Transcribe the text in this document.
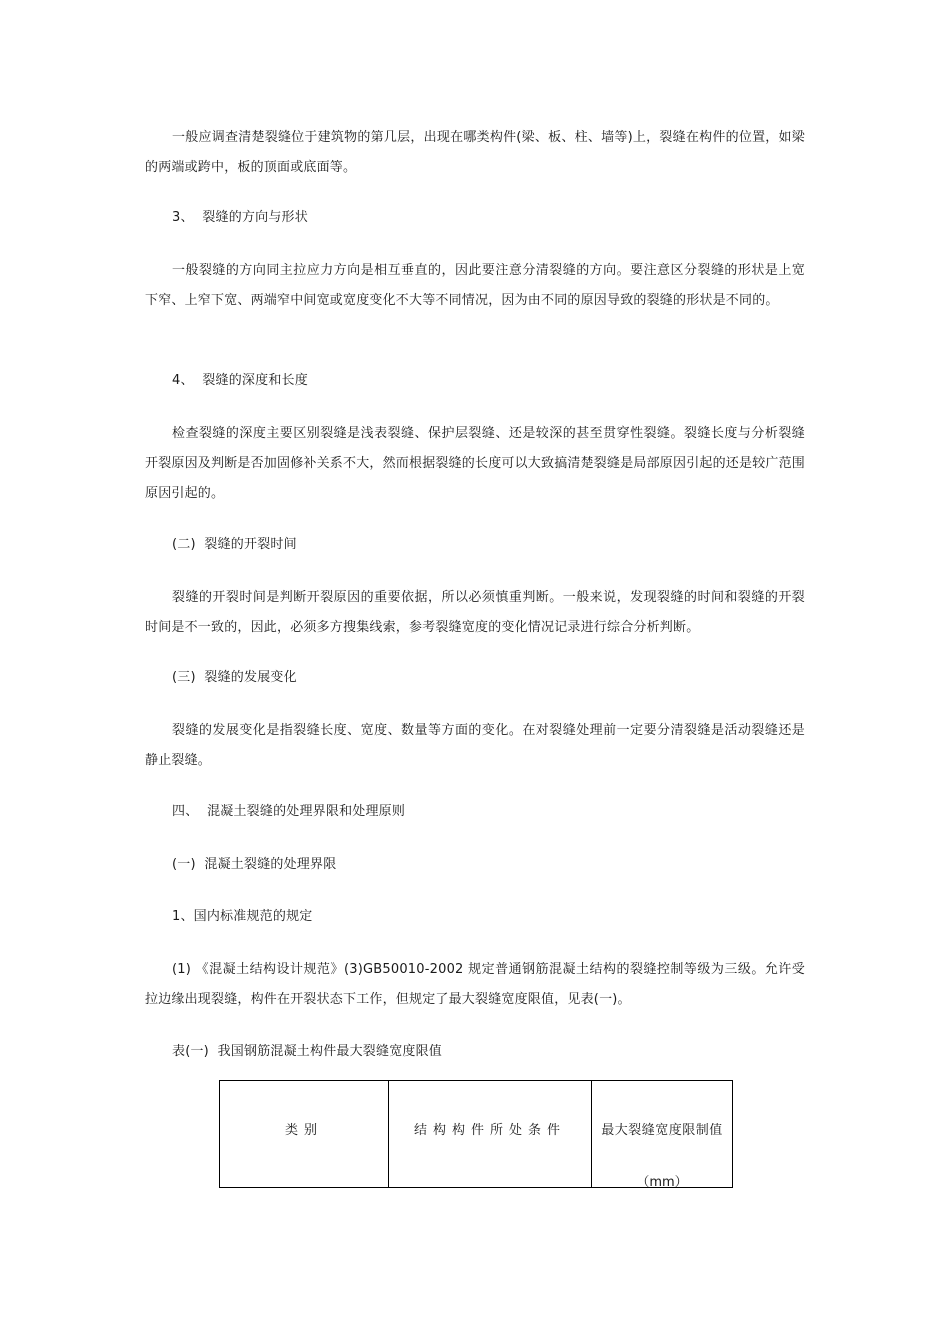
一般应调查清楚裂缝位于建筑物的第几层，出现在哪类构件(梁、板、柱、墙等)上，裂缝在构件的位置，如梁的两端或跨中，板的顶面或底面等。

3、  裂缝的方向与形状

一般裂缝的方向同主拉应力方向是相互垂直的，因此要注意分清裂缝的方向。要注意区分裂缝的形状是上宽下窄、上窄下宽、两端窄中间宽或宽度变化不大等不同情况，因为由不同的原因导致的裂缝的形状是不同的。

4、  裂缝的深度和长度

检查裂缝的深度主要区别裂缝是浅表裂缝、保护层裂缝、还是较深的甚至贯穿性裂缝。裂缝长度与分析裂缝开裂原因及判断是否加固修补关系不大，然而根据裂缝的长度可以大致搞清楚裂缝是局部原因引起的还是较广范围原因引起的。

(二)  裂缝的开裂时间

裂缝的开裂时间是判断开裂原因的重要依据，所以必须慎重判断。一般来说，发现裂缝的时间和裂缝的开裂时间是不一致的，因此，必须多方搜集线索，参考裂缝宽度的变化情况记录进行综合分析判断。

(三)  裂缝的发展变化

裂缝的发展变化是指裂缝长度、宽度、数量等方面的变化。在对裂缝处理前一定要分清裂缝是活动裂缝还是静止裂缝。

四、  混凝土裂缝的处理界限和处理原则

(一)  混凝土裂缝的处理界限

1、国内标准规范的规定

(1) 《混凝土结构设计规范》(3)GB50010-2002 规定普通钢筋混凝土结构的裂缝控制等级为三级。允许受拉边缘出现裂缝，构件在开裂状态下工作，但规定了最大裂缝宽度限值，见表(一)。

表(一)  我国钢筋混凝土构件最大裂缝宽度限值

类别	结构构件所处条件	最大裂缝宽度限制值
（mm）
